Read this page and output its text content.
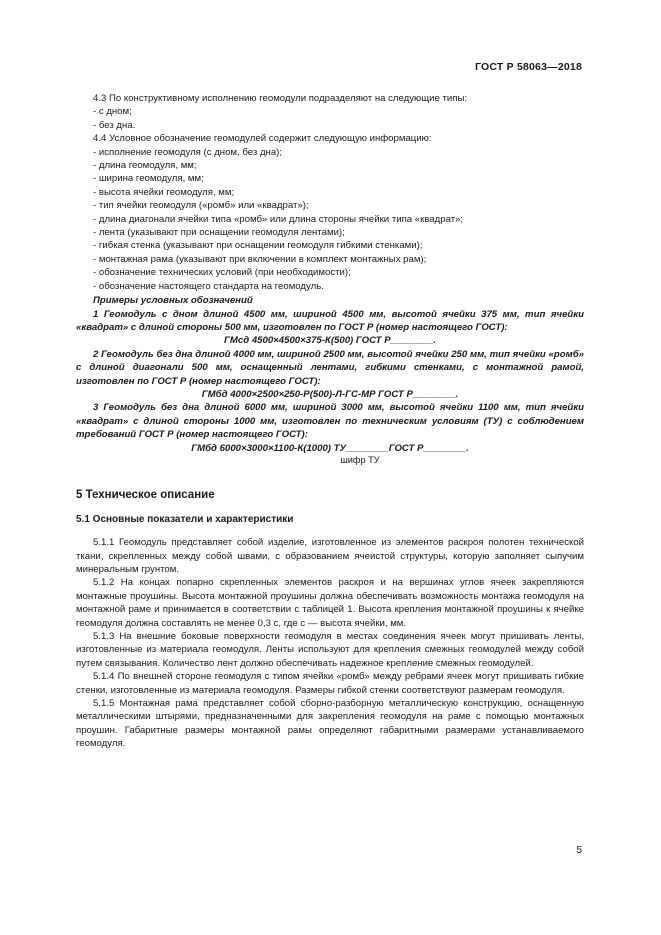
ГОСТ Р 58063—2018

4.3 По конструктивному исполнению геомодули подразделяют на следующие типы:

- с дном;

- без дна.

4.4 Условное обозначение геомодулей содержит следующую информацию:

- исполнение геомодуля (с дном, без дна);

- длина геомодуля, мм;

- ширина геомодуля, мм;

- высота ячейки геомодуля, мм;

- тип ячейки геомодуля («ромб» или «квадрат»);

- длина диагонали ячейки типа «ромб» или длина стороны ячейки типа «квадрат»;

- лента (указывают при оснащении геомодуля лентами);

- гибкая стенка (указывают при оснащении геомодуля гибкими стенками);

- монтажная рама (указывают при включении в комплект монтажных рам);

- обозначение технических условий (при необходимости);

- обозначение настоящего стандарта на геомодуль.

Примеры условных обозначений

1 Геомодуль с дном длиной 4500 мм, шириной 4500 мм, высотой ячейки 375 мм, тип ячейки «квадрат» с длиной стороны 500 мм, изготовлен по ГОСТ Р (номер настоящего ГОСТ):

ГМсд 4500×4500×375-К(500) ГОСТ Р________.

2 Геомодуль без дна длиной 4000 мм, шириной 2500 мм, высотой ячейки 250 мм, тип ячейки «ромб» с длиной диагонали 500 мм, оснащенный лентами, гибкими стенками, с монтажной рамой, изготовлен по ГОСТ Р (номер настоящего ГОСТ):

ГМбд 4000×2500×250-Р(500)-Л-ГС-МР ГОСТ Р________.

3 Геомодуль без дна длиной 6000 мм, шириной 3000 мм, высотой ячейки 1100 мм, тип ячейки «квадрат» с длиной стороны 1000 мм, изготовлен по техническим условиям (ТУ) с соблюдением требований ГОСТ Р (номер настоящего ГОСТ):

ГМбд 6000×3000×1100-К(1000) ТУ________ГОСТ Р________.

шифр ТУ

5 Техническое описание
5.1 Основные показатели и характеристики

5.1.1 Геомодуль представляет собой изделие, изготовленное из элементов раскроя полотен технической ткани, скрепленных между собой швами, с образованием ячеистой структуры, которую заполняет сыпучим минеральным грунтом.

5.1.2 На концах попарно скрепленных элементов раскроя и на вершинах углов ячеек закрепляются монтажные проушины. Высота монтажной проушины должна обеспечивать возможность монтажа геомодуля на монтажной раме и принимается в соответствии с таблицей 1. Высота крепления монтажной проушины к ячейке геомодуля должна составлять не менее 0,3 с, где с — высота ячейки, мм.

5.1.3 На внешние боковые поверхности геомодуля в местах соединения ячеек могут пришивать ленты, изготовленные из материала геомодуля. Ленты используют для крепления смежных геомодулей между собой путем связывания. Количество лент должно обеспечивать надежное крепление смежных геомодулей.

5.1.4 По внешней стороне геомодуля с типом ячейки «ромб» между ребрами ячеек могут пришивать гибкие стенки, изготовленные из материала геомодуля. Размеры гибкой стенки соответствуют размерам геомодуля.

5.1.5 Монтажная рама представляет собой сборно-разборную металлическую конструкцию, оснащенную металлическими штырями, предназначенными для закрепления геомодуля на раме с помощью монтажных проушин. Габаритные размеры монтажной рамы определяют габаритными размерами устанавливаемого геомодуля.

5
